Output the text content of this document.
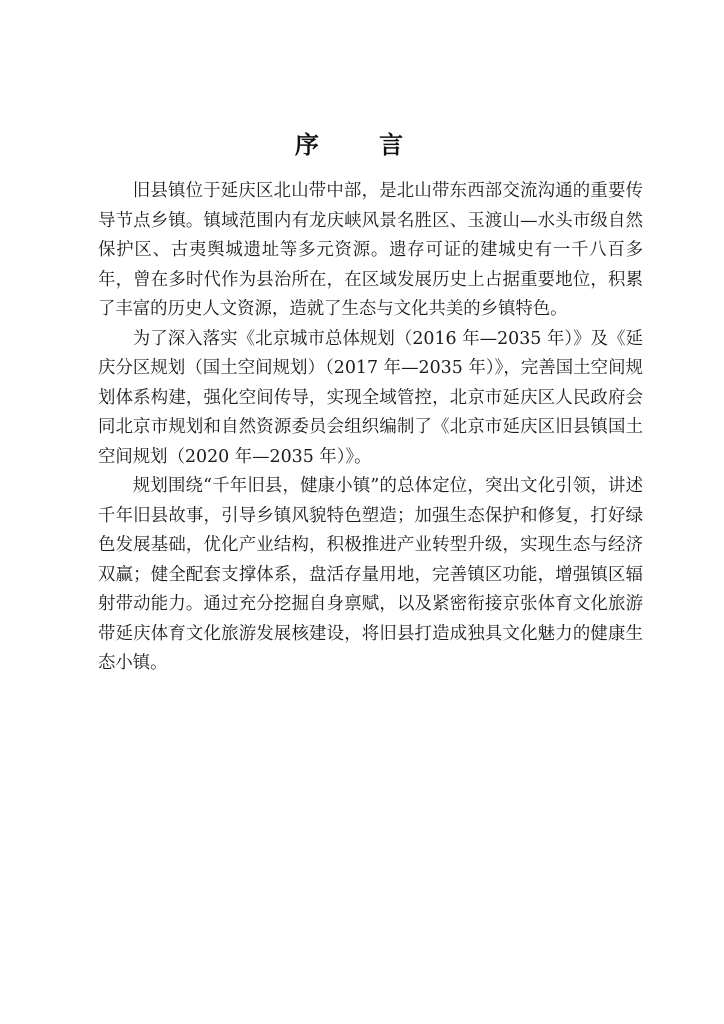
序 言

旧县镇位于延庆区北山带中部，是北山带东西部交流沟通的重要传导节点乡镇。镇域范围内有龙庆峡风景名胜区、玉渡山—水头市级自然保护区、古夷舆城遗址等多元资源。遗存可证的建城史有一千八百多年，曾在多时代作为县治所在，在区域发展历史上占据重要地位，积累了丰富的历史人文资源，造就了生态与文化共美的乡镇特色。

为了深入落实《北京城市总体规划（2016 年—2035 年）》及《延庆分区规划（国土空间规划）（2017 年—2035 年）》，完善国土空间规划体系构建，强化空间传导，实现全域管控，北京市延庆区人民政府会同北京市规划和自然资源委员会组织编制了《北京市延庆区旧县镇国土空间规划（2020 年—2035 年）》。

规划围绕“千年旧县，健康小镇”的总体定位，突出文化引领，讲述千年旧县故事，引导乡镇风貌特色塑造；加强生态保护和修复，打好绿色发展基础，优化产业结构，积极推进产业转型升级，实现生态与经济双赢；健全配套支撑体系，盘活存量用地，完善镇区功能，增强镇区辐射带动能力。通过充分挖掘自身禀赋，以及紧密衔接京张体育文化旅游带延庆体育文化旅游发展核建设，将旧县打造成独具文化魅力的健康生态小镇。
